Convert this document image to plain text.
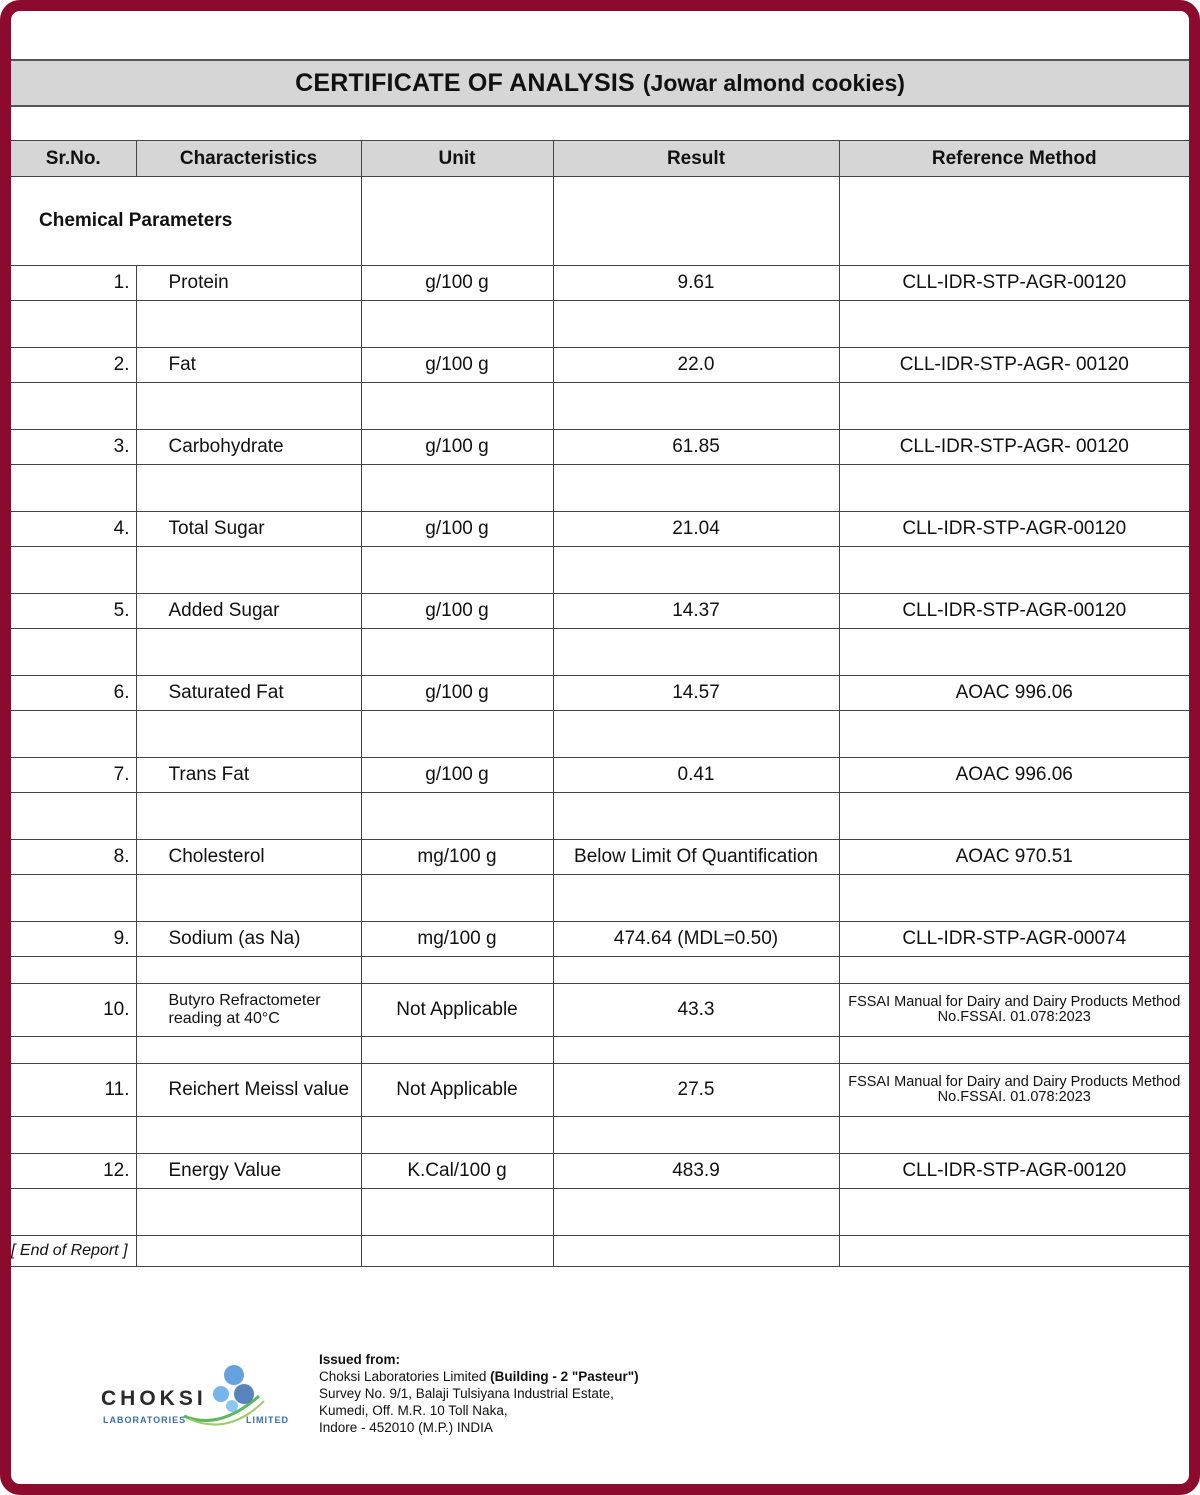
CERTIFICATE OF ANALYSIS (Jowar almond cookies)
Sr.No.	Characteristics	Unit	Result	Reference Method
Chemical Parameters				
1.	Protein	g/100 g	9.61	CLL-IDR-STP-AGR-00120

2.	Fat	g/100 g	22.0	CLL-IDR-STP-AGR- 00120

3.	Carbohydrate	g/100 g	61.85	CLL-IDR-STP-AGR- 00120

4.	Total Sugar	g/100 g	21.04	CLL-IDR-STP-AGR-00120

5.	Added Sugar	g/100 g	14.37	CLL-IDR-STP-AGR-00120

6.	Saturated Fat	g/100 g	14.57	AOAC 996.06

7.	Trans Fat	g/100 g	0.41	AOAC 996.06

8.	Cholesterol	mg/100 g	Below Limit Of Quantification	AOAC 970.51

9.	Sodium (as Na)	mg/100 g	474.64 (MDL=0.50)	CLL-IDR-STP-AGR-00074

10.	Butyro Refractometer reading at 40°C	Not Applicable	43.3	FSSAI Manual for Dairy and Dairy Products Method No.FSSAI. 01.078:2023

11.	Reichert Meissl value	Not Applicable	27.5	FSSAI Manual for Dairy and Dairy Products Method No.FSSAI. 01.078:2023

12.	Energy Value	K.Cal/100 g	483.9	CLL-IDR-STP-AGR-00120

[ End of Report ]				
CHOKSI
LABORATORIES	LIMITED
Issued from:
Choksi Laboratories Limited (Building - 2 "Pasteur")
Survey No. 9/1, Balaji Tulsiyana Industrial Estate,
Kumedi, Off. M.R. 10 Toll Naka,
Indore - 452010 (M.P.) INDIA
